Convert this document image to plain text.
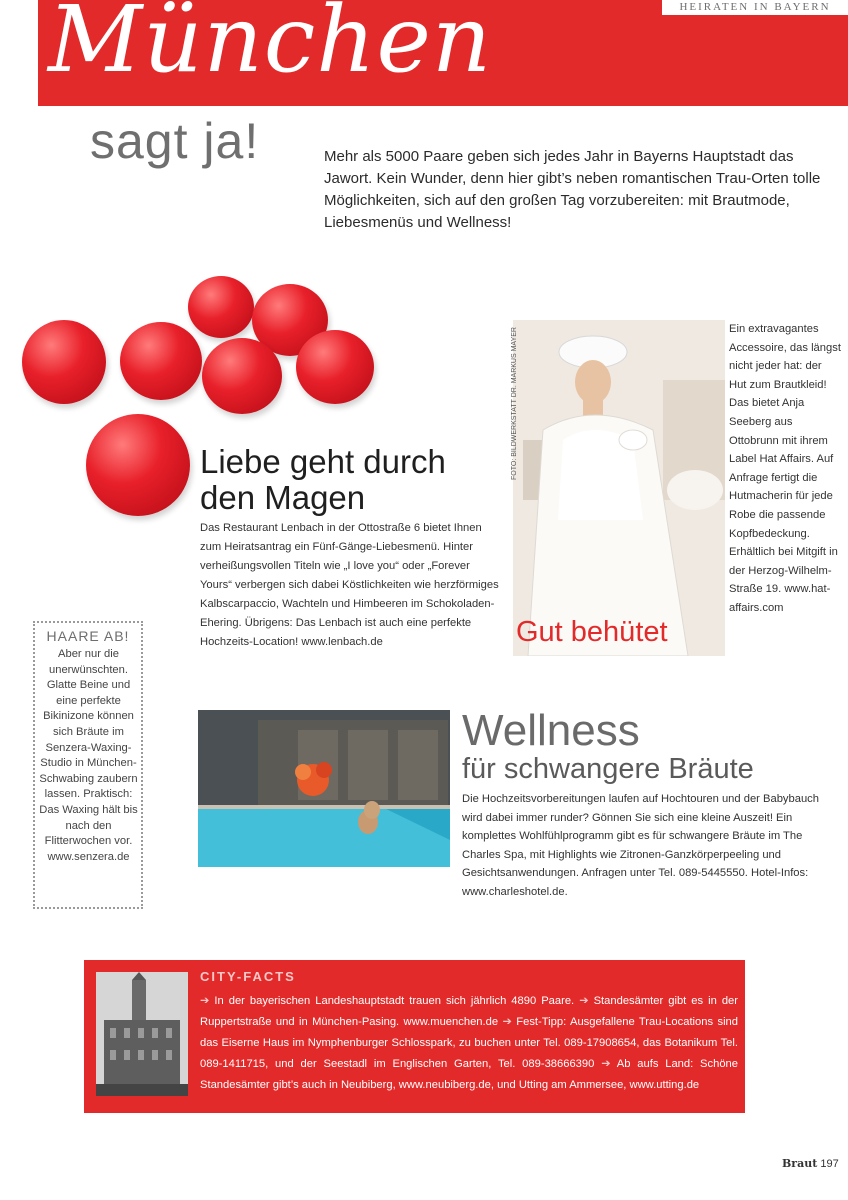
München	HEIRATEN IN BAYERN
sagt ja!	Mehr als 5000 Paare geben sich jedes Jahr in Bayerns Hauptstadt das Jawort. Kein Wunder, denn hier gibt’s neben romantischen Trau-Orten tolle Möglichkeiten, sich auf den großen Tag vorzubereiten: mit Brautmode, Liebesmenüs und Wellness!
Liebe geht durch den Magen
Das Restaurant Lenbach in der Ottostraße 6 bietet Ihnen zum Heiratsantrag ein Fünf-Gänge-Liebesmenü. Hinter verheißungsvollen Titeln wie „I love you“ oder „Forever Yours“ verbergen sich dabei Köstlichkeiten wie herzförmiges Kalbscarpaccio, Wachteln und Himbeeren im Schokoladen-Ehering. Übrigens: Das Lenbach ist auch eine perfekte Hochzeits-Location! www.lenbach.de
HAARE AB!
Aber nur die unerwünschten. Glatte Beine und eine perfekte Bikinizone können sich Bräute im Senzera-Waxing-Studio in München-Schwabing zaubern lassen. Praktisch: Das Waxing hält bis nach den Flitterwochen vor. www.senzera.de
FOTO: BILDWERKSTATT DR. MARKUS MAYER
Gut behütet
Ein extravagantes Accessoire, das längst nicht jeder hat: der Hut zum Brautkleid! Das bietet Anja Seeberg aus Ottobrunn mit ihrem Label Hat Affairs. Auf Anfrage fertigt die Hutmacherin für jede Robe die passende Kopfbedeckung. Erhältlich bei Mitgift in der Herzog-Wilhelm-Straße 19. www.hat-affairs.com
Wellness
für schwangere Bräute
Die Hochzeitsvorbereitungen laufen auf Hochtouren und der Babybauch wird dabei immer runder? Gönnen Sie sich eine kleine Auszeit! Ein komplettes Wohlfühlprogramm gibt es für schwangere Bräute im The Charles Spa, mit Highlights wie Zitronen-Ganzkörperpeeling und Gesichtsanwendungen. Anfragen unter Tel. 089-5445550. Hotel-Infos: www.charleshotel.de.
CITY-FACTS
➔ In der bayerischen Landeshauptstadt trauen sich jährlich 4890 Paare. ➔ Standesämter gibt es in der Ruppertstraße und in München-Pasing. www.muenchen.de ➔ Fest-Tipp: Ausgefallene Trau-Locations sind das Eiserne Haus im Nymphenburger Schlosspark, zu buchen unter Tel. 089-17908654, das Botanikum Tel. 089-1411715, und der Seestadl im Englischen Garten, Tel. 089-38666390 ➔ Ab aufs Land: Schöne Standesämter gibt’s auch in Neubiberg, www.neubiberg.de, und Utting am Ammersee, www.utting.de
Braut 197
